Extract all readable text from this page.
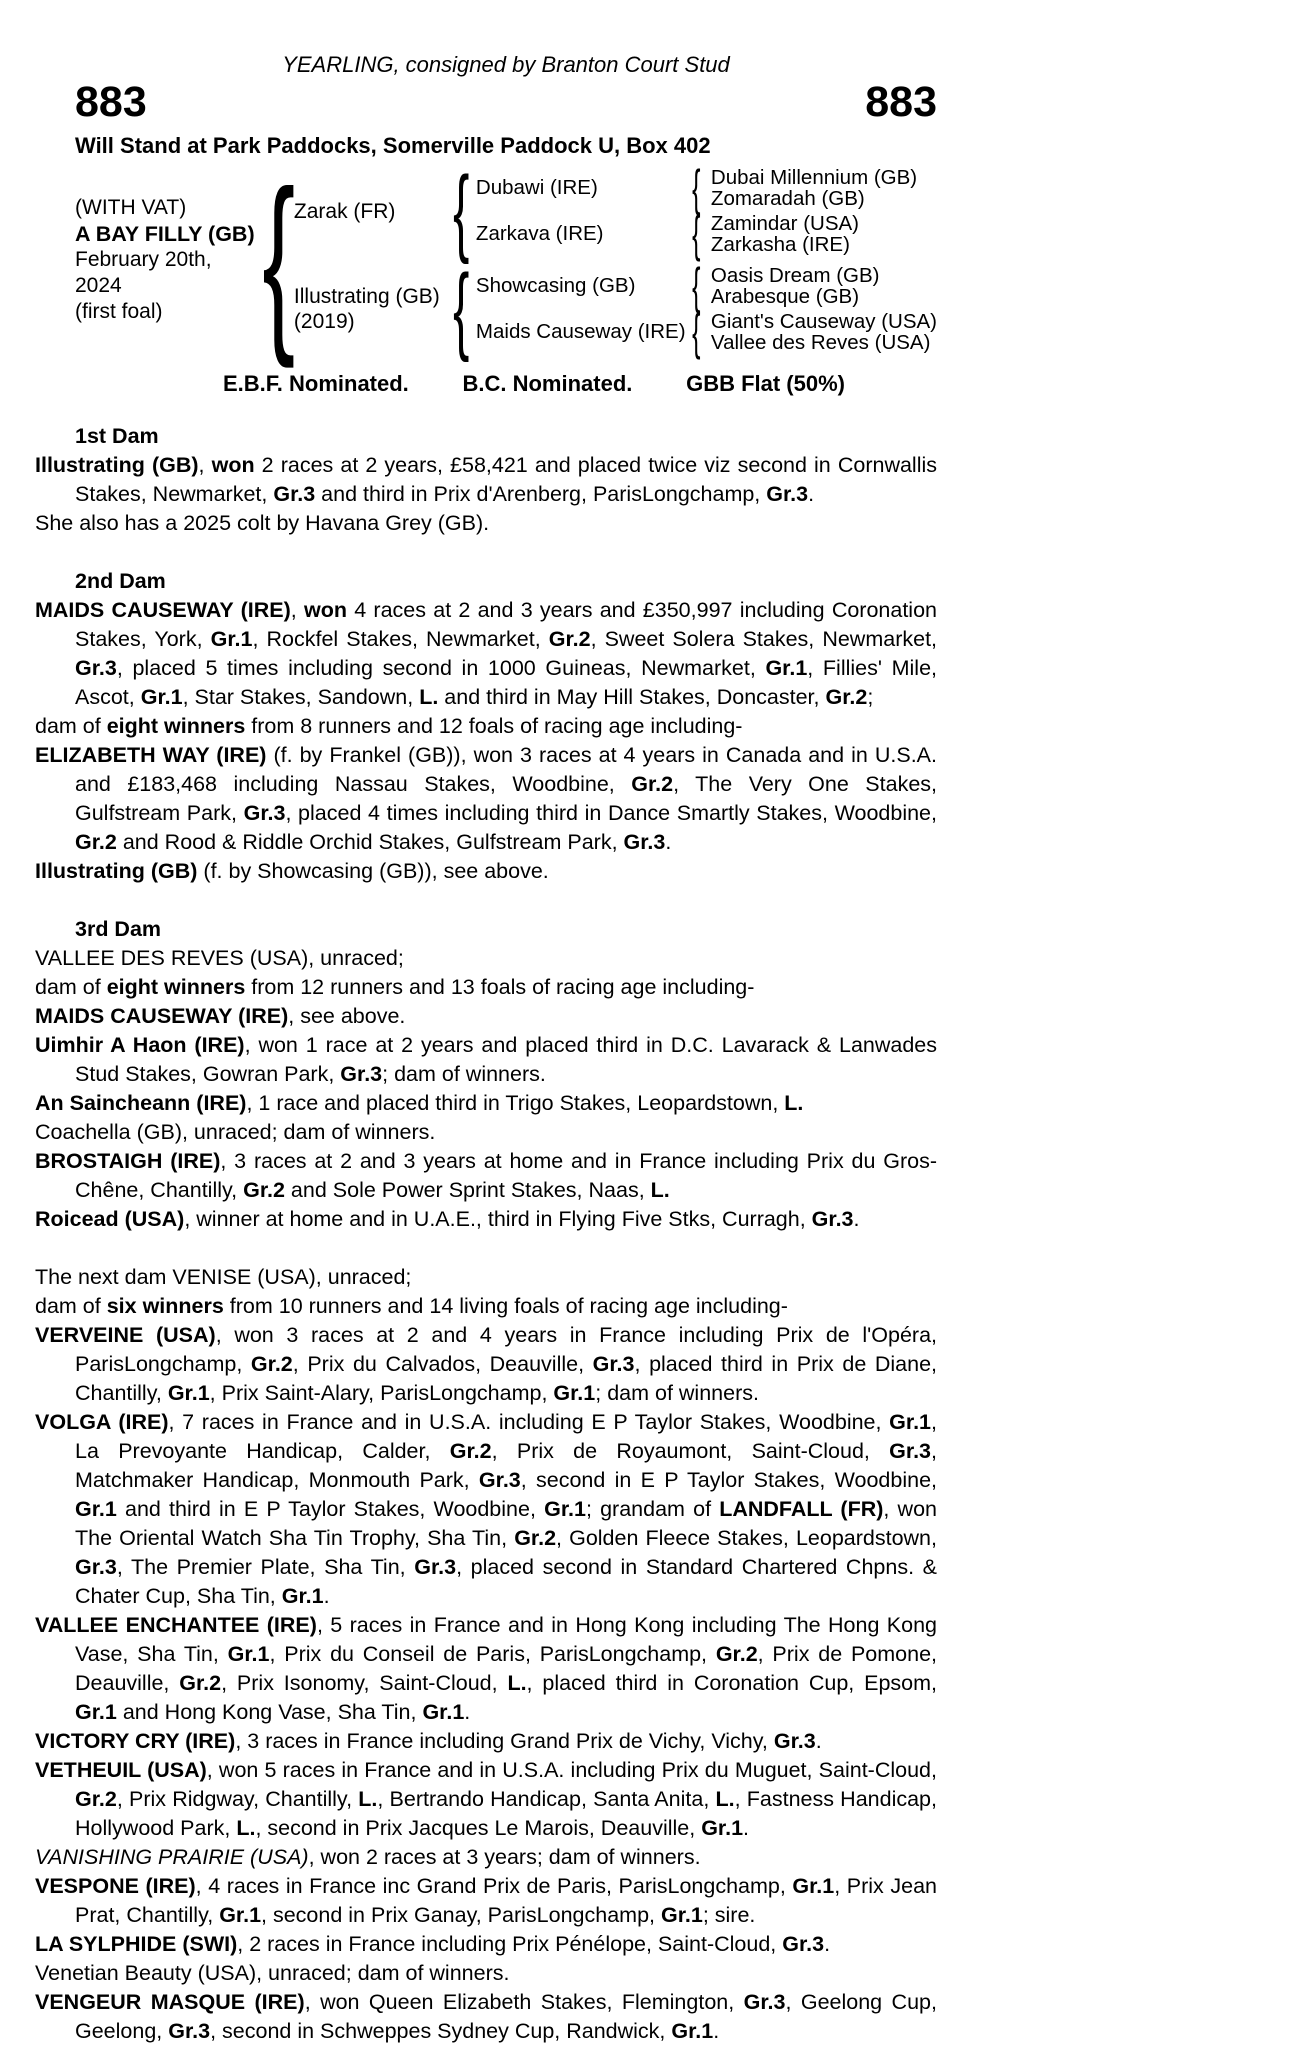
YEARLING, consigned by Branton Court Stud
883	883
Will Stand at Park Paddocks, Somerville Paddock U, Box 402
(WITH VAT)
A BAY FILLY (GB)
February 20th, 2024
(first foal) {
Zarak (FR) { Dubawi (IRE)	{ Dubai Millennium (GB)
Zomaradah (GB)
Zarkava (IRE)	{ Zamindar (USA)
Zarkasha (IRE)
Illustrating (GB)
(2019)	{ Showcasing (GB)	{ Oasis Dream (GB)
Arabesque (GB)
Maids Causeway (IRE) { Giant's Causeway (USA)
Vallee des Reves (USA)
E.B.F. Nominated. B.C. Nominated. GBB Flat (50%)
1st Dam

Illustrating (GB), won 2 races at 2 years, £58,421 and placed twice viz second in Cornwallis Stakes, Newmarket, Gr.3 and third in Prix d'Arenberg, ParisLongchamp, Gr.3.

She also has a 2025 colt by Havana Grey (GB).

2nd Dam

MAIDS CAUSEWAY (IRE), won 4 races at 2 and 3 years and £350,997 including Coronation Stakes, York, Gr.1, Rockfel Stakes, Newmarket, Gr.2, Sweet Solera Stakes, Newmarket, Gr.3, placed 5 times including second in 1000 Guineas, Newmarket, Gr.1, Fillies' Mile, Ascot, Gr.1, Star Stakes, Sandown, L. and third in May Hill Stakes, Doncaster, Gr.2;

dam of eight winners from 8 runners and 12 foals of racing age including-

ELIZABETH WAY (IRE) (f. by Frankel (GB)), won 3 races at 4 years in Canada and in U.S.A. and £183,468 including Nassau Stakes, Woodbine, Gr.2, The Very One Stakes, Gulfstream Park, Gr.3, placed 4 times including third in Dance Smartly Stakes, Woodbine, Gr.2 and Rood & Riddle Orchid Stakes, Gulfstream Park, Gr.3.

Illustrating (GB) (f. by Showcasing (GB)), see above.

3rd Dam

VALLEE DES REVES (USA), unraced;

dam of eight winners from 12 runners and 13 foals of racing age including-

MAIDS CAUSEWAY (IRE), see above.

Uimhir A Haon (IRE), won 1 race at 2 years and placed third in D.C. Lavarack & Lanwades Stud Stakes, Gowran Park, Gr.3; dam of winners.

An Saincheann (IRE), 1 race and placed third in Trigo Stakes, Leopardstown, L.

Coachella (GB), unraced; dam of winners.

BROSTAIGH (IRE), 3 races at 2 and 3 years at home and in France including Prix du Gros-Chêne, Chantilly, Gr.2 and Sole Power Sprint Stakes, Naas, L.

Roicead (USA), winner at home and in U.A.E., third in Flying Five Stks, Curragh, Gr.3.

The next dam VENISE (USA), unraced;

dam of six winners from 10 runners and 14 living foals of racing age including-

VERVEINE (USA), won 3 races at 2 and 4 years in France including Prix de l'Opéra, ParisLongchamp, Gr.2, Prix du Calvados, Deauville, Gr.3, placed third in Prix de Diane, Chantilly, Gr.1, Prix Saint-Alary, ParisLongchamp, Gr.1; dam of winners.

VOLGA (IRE), 7 races in France and in U.S.A. including E P Taylor Stakes, Woodbine, Gr.1, La Prevoyante Handicap, Calder, Gr.2, Prix de Royaumont, Saint-Cloud, Gr.3, Matchmaker Handicap, Monmouth Park, Gr.3, second in E P Taylor Stakes, Woodbine, Gr.1 and third in E P Taylor Stakes, Woodbine, Gr.1; grandam of LANDFALL (FR), won The Oriental Watch Sha Tin Trophy, Sha Tin, Gr.2, Golden Fleece Stakes, Leopardstown, Gr.3, The Premier Plate, Sha Tin, Gr.3, placed second in Standard Chartered Chpns. & Chater Cup, Sha Tin, Gr.1.

VALLEE ENCHANTEE (IRE), 5 races in France and in Hong Kong including The Hong Kong Vase, Sha Tin, Gr.1, Prix du Conseil de Paris, ParisLongchamp, Gr.2, Prix de Pomone, Deauville, Gr.2, Prix Isonomy, Saint-Cloud, L., placed third in Coronation Cup, Epsom, Gr.1 and Hong Kong Vase, Sha Tin, Gr.1.

VICTORY CRY (IRE), 3 races in France including Grand Prix de Vichy, Vichy, Gr.3.

VETHEUIL (USA), won 5 races in France and in U.S.A. including Prix du Muguet, Saint-Cloud, Gr.2, Prix Ridgway, Chantilly, L., Bertrando Handicap, Santa Anita, L., Fastness Handicap, Hollywood Park, L., second in Prix Jacques Le Marois, Deauville, Gr.1.

VANISHING PRAIRIE (USA), won 2 races at 3 years; dam of winners.

VESPONE (IRE), 4 races in France inc Grand Prix de Paris, ParisLongchamp, Gr.1, Prix Jean Prat, Chantilly, Gr.1, second in Prix Ganay, ParisLongchamp, Gr.1; sire.

LA SYLPHIDE (SWI), 2 races in France including Prix Pénélope, Saint-Cloud, Gr.3.

Venetian Beauty (USA), unraced; dam of winners.

VENGEUR MASQUE (IRE), won Queen Elizabeth Stakes, Flemington, Gr.3, Geelong Cup, Geelong, Gr.3, second in Schweppes Sydney Cup, Randwick, Gr.1.
